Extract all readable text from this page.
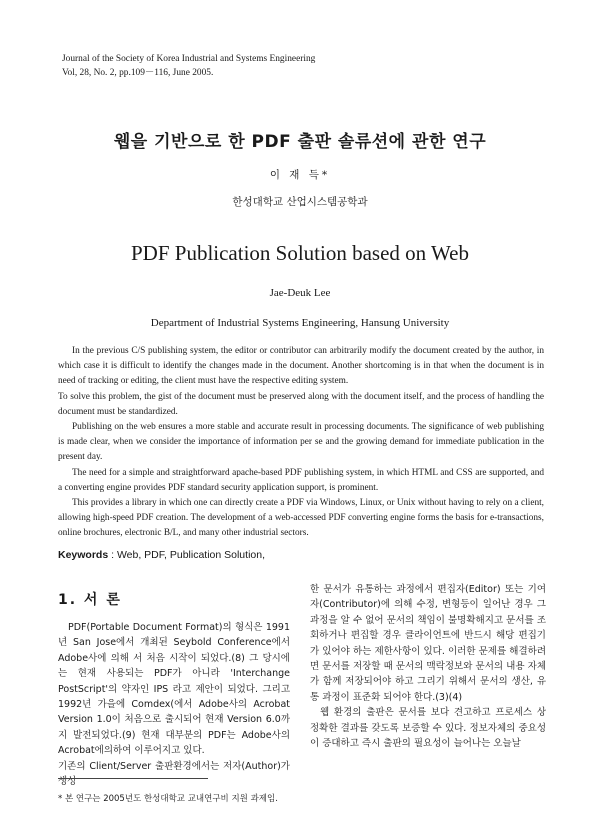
Journal of the Society of Korea Industrial and Systems Engineering
Vol, 28, No. 2, pp.109－116, June 2005.
웹을 기반으로 한 PDF 출판 솔류션에 관한 연구
이 재 득*
한성대학교 산업시스템공학과
PDF Publication Solution based on Web
Jae-Deuk Lee
Department of Industrial Systems Engineering, Hansung University

In the previous C/S publishing system, the editor or contributor can arbitrarily modify the document created by the author, in which case it is difficult to identify the changes made in the document. Another shortcoming is in that when the document is in need of tracking or editing, the client must have the respective editing system.

To solve this problem, the gist of the document must be preserved along with the document itself, and the process of handling the document must be standardized.

Publishing on the web ensures a more stable and accurate result in processing documents. The significance of web publishing is made clear, when we consider the importance of information per se and the growing demand for immediate publication in the present day.

The need for a simple and straightforward apache-based PDF publishing system, in which HTML and CSS are supported, and a converting engine provides PDF standard security application support, is prominent.

This provides a library in which one can directly create a PDF via Windows, Linux, or Unix without having to rely on a client, allowing high-speed PDF creation. The development of a web-accessed PDF converting engine forms the basis for e-transactions, online brochures, electronic B/L, and many other industrial sectors.

Keywords : Web, PDF, Publication Solution,
1. 서 론

PDF(Portable Document Format)의 형식은 1991년 San Jose에서 개최된 Seybold Conference에서 Adobe사에 의해 서 처음 시작이 되었다.(8) 그 당시에는 현재 사용되는 PDF가 아니라 'Interchange PostScript'의 약자인 IPS 라고 제안이 되었다. 그리고 1992년 가을에 Comdex(에서 Adobe사의 Acrobat Version 1.0이 처음으로 출시되어 현재 Version 6.0까지 발전되었다.(9) 현재 대부분의 PDF는 Adobe사의 Acrobat에의하여 이루어지고 있다.

기존의 Client/Server 출판환경에서는 저자(Author)가 생성

한 문서가 유통하는 과정에서 편집자(Editor) 또는 기여자(Contributor)에 의해 수정, 변형등이 일어난 경우 그 과정을 알 수 없어 문서의 책임이 불명확해지고 문서를 조회하거나 편집할 경우 클라이언트에 반드시 해당 편집기가 있어야 하는 제한사항이 있다. 이러한 문제를 해결하려면 문서를 저장할 때 문서의 맥락정보와 문서의 내용 자체가 함께 저장되어야 하고 그리기 위해서 문서의 생산, 유통 과정이 표준화 되어야 한다.(3)(4)

웹 환경의 출판은 문서를 보다 견고하고 프로세스 상 정확한 결과를 갖도록 보증할 수 있다. 정보자체의 중요성이 증대하고 즉시 출판의 필요성이 늘어나는 오늘날

* 본 연구는 2005년도 한성대학교 교내연구비 지원 과제임.
